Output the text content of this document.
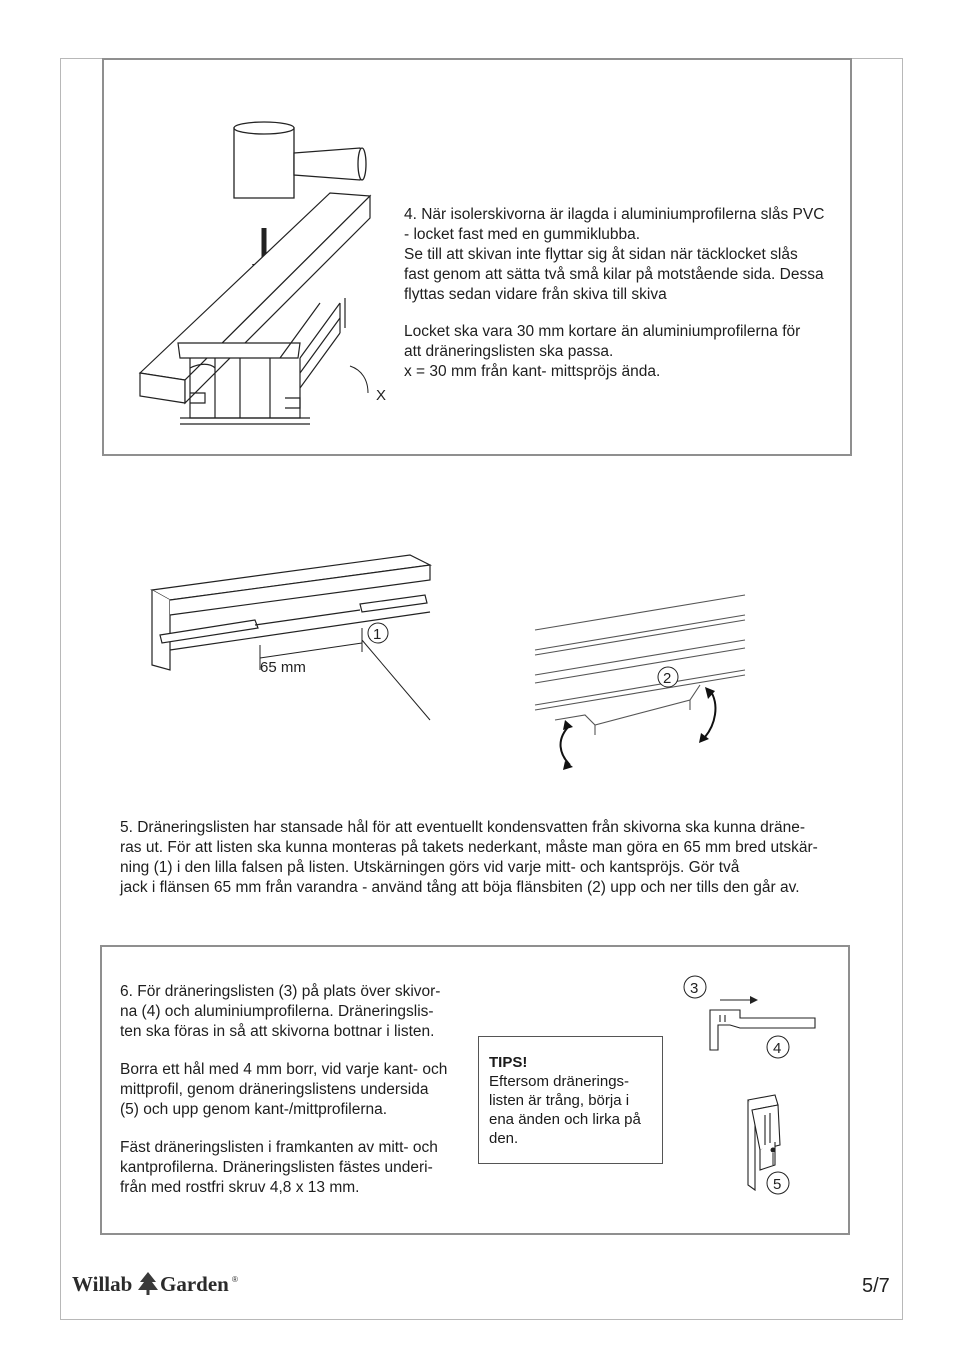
X

4. När isolerskivorna är ilagda i aluminiumprofilerna slås PVC

- locket fast med en gummiklubba.

Se till att skivan inte flyttar sig åt sidan när täcklocket slås

fast genom att sätta två små kilar på motstående sida. Dessa

flyttas sedan vidare från skiva till skiva

Locket ska vara 30 mm kortare än aluminiumprofilerna för

att dräneringslisten ska passa.

x = 30 mm från kant- mittspröjs ända.

65 mm
1
2

5. Dräneringslisten har stansade hål för att eventuellt kondensvatten från skivorna ska kunna dräne-

ras ut. För att listen ska kunna monteras på takets nederkant, måste man göra en 65 mm bred utskär-

ning (1) i den lilla falsen på listen. Utskärningen görs vid varje mitt- och kantspröjs. Gör två

jack i flänsen 65 mm från varandra - använd tång att böja flänsbiten (2) upp och ner tills den går av.

6. För dräneringslisten (3) på plats över skivor-

na (4) och aluminiumprofilerna. Dräneringslis-

ten ska föras in så att skivorna bottnar i listen.

Borra ett hål med 4 mm borr, vid varje kant- och

mittprofil, genom dräneringslistens undersida

(5) och upp genom kant-/mittprofilerna.

Fäst dräneringslisten i framkanten av mitt- och

kantprofilerna. Dräneringslisten fästes underi-

från med rostfri skruv 4,8 x 13 mm.

TIPS!
Eftersom dränerings-
listen är trång, börja i
ena änden och lirka på
den.
3
4
5
Willab Garden ®	5/7
